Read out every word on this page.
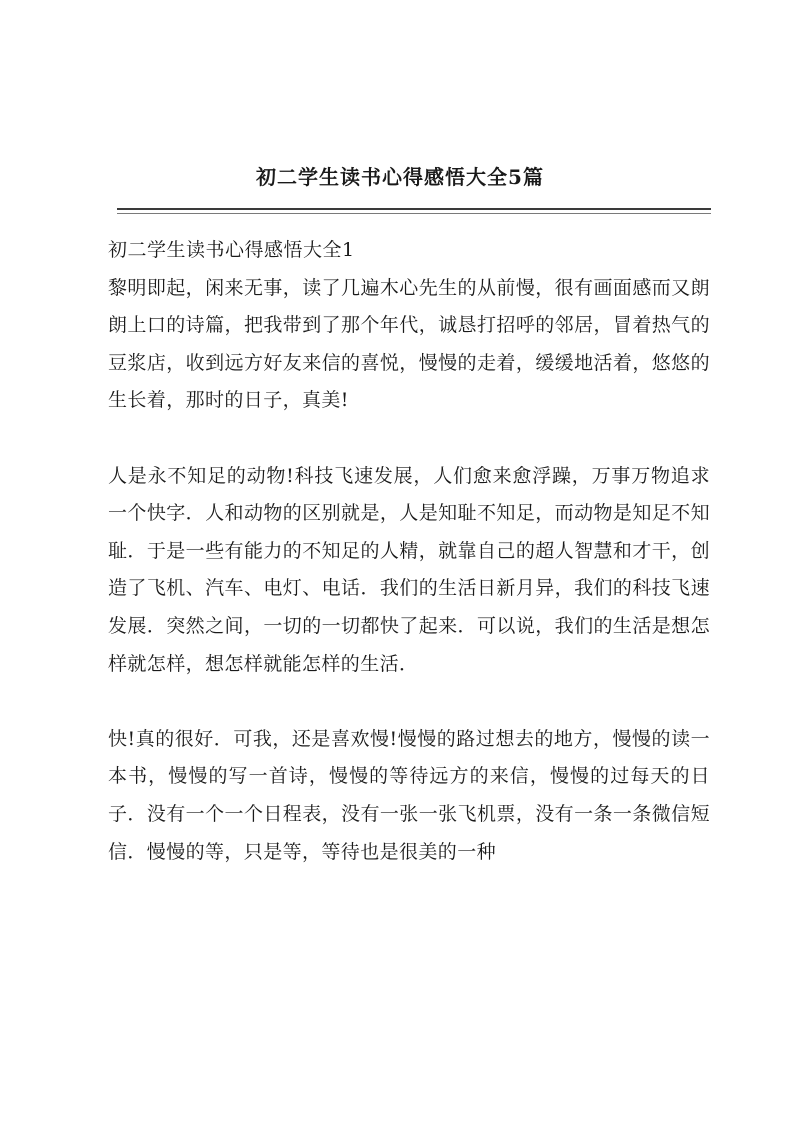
初二学生读书心得感悟大全5篇
初二学生读书心得感悟大全1

黎明即起，闲来无事，读了几遍木心先生的从前慢，很有画面感而又朗朗上口的诗篇，把我带到了那个年代，诚恳打招呼的邻居，冒着热气的豆浆店，收到远方好友来信的喜悦，慢慢的走着，缓缓地活着，悠悠的生长着，那时的日子，真美!

人是永不知足的动物!科技飞速发展，人们愈来愈浮躁，万事万物追求一个快字．人和动物的区别就是，人是知耻不知足，而动物是知足不知耻．于是一些有能力的不知足的人精，就靠自己的超人智慧和才干，创造了飞机、汽车、电灯、电话．我们的生活日新月异，我们的科技飞速发展．突然之间，一切的一切都快了起来．可以说，我们的生活是想怎样就怎样，想怎样就能怎样的生活．

快!真的很好．可我，还是喜欢慢!慢慢的路过想去的地方，慢慢的读一本书，慢慢的写一首诗，慢慢的等待远方的来信，慢慢的过每天的日子．没有一个一个日程表，没有一张一张飞机票，没有一条一条微信短信．慢慢的等，只是等，等待也是很美的一种
